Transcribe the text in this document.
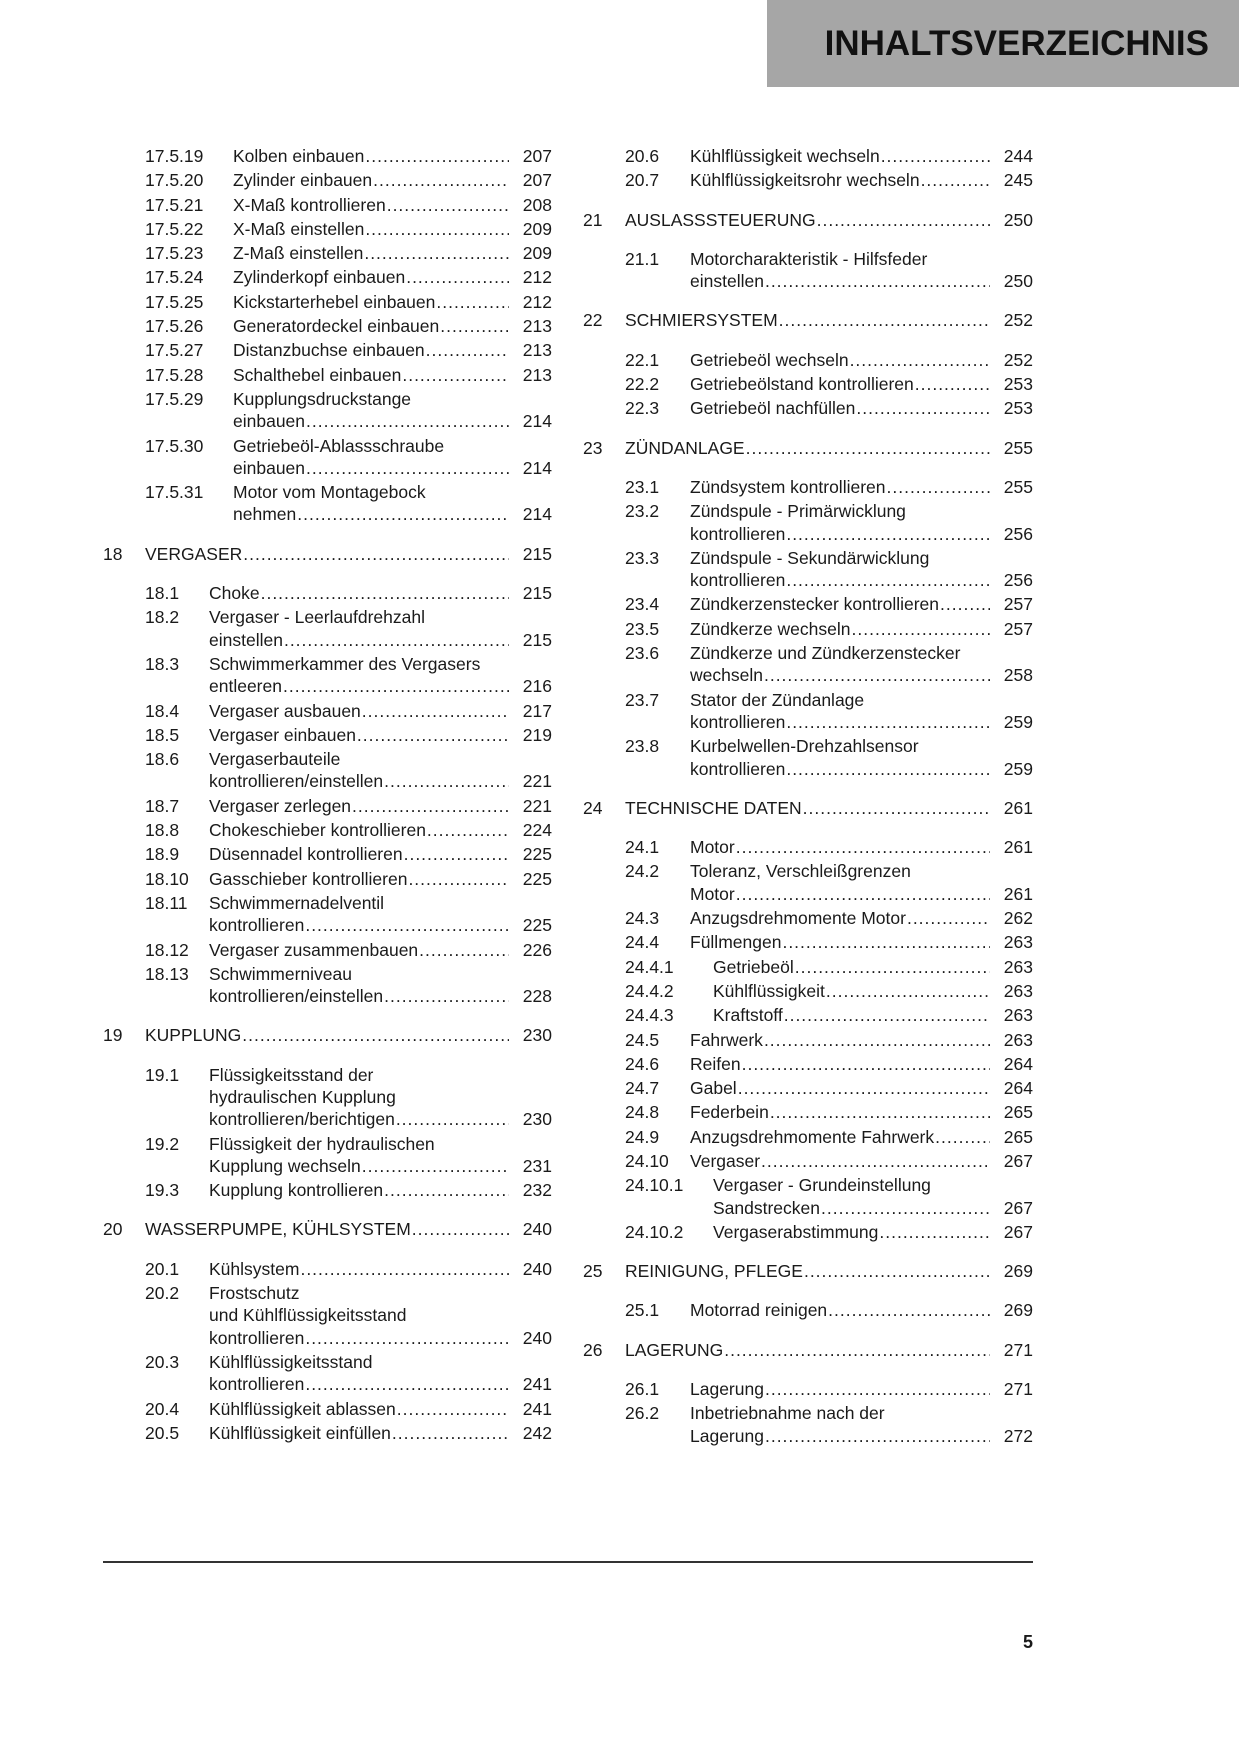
INHALTSVERZEICHNIS
17.5.19 Kolben einbauen .....	207
17.5.20 Zylinder einbauen .....	207
17.5.21 X-Maß kontrollieren .....	208
17.5.22 X-Maß einstellen .....	209
17.5.23 Z-Maß einstellen .....	209
17.5.24 Zylinderkopf einbauen .....	212
17.5.25 Kickstarterhebel einbauen .....	212
17.5.26 Generatordeckel einbauen .....	213
17.5.27 Distanzbuchse einbauen .....	213
17.5.28 Schalthebel einbauen .....	213
17.5.29 Kupplungsdruckstange
einbauen .....	214
17.5.30 Getriebeöl-Ablassschraube
einbauen .....	214
17.5.31 Motor vom Montagebock
nehmen .....	214
18 VERGASER .....	215
18.1 Choke .....	215
18.2 Vergaser - Leerlaufdrehzahl
einstellen .....	215
18.3 Schwimmerkammer des Vergasers
entleeren .....	216
18.4 Vergaser ausbauen .....	217
18.5 Vergaser einbauen .....	219
18.6 Vergaserbauteile
kontrollieren/einstellen .....	221
18.7 Vergaser zerlegen .....	221
18.8 Chokeschieber kontrollieren .....	224
18.9 Düsennadel kontrollieren .....	225
18.10 Gasschieber kontrollieren .....	225
18.11 Schwimmernadelventil
kontrollieren .....	225
18.12 Vergaser zusammenbauen .....	226
18.13 Schwimmerniveau
kontrollieren/einstellen .....	228
19 KUPPLUNG .....	230
19.1 Flüssigkeitsstand der
hydraulischen Kupplung
kontrollieren/berichtigen .....	230
19.2 Flüssigkeit der hydraulischen
Kupplung wechseln .....	231
19.3 Kupplung kontrollieren .....	232
20 WASSERPUMPE, KÜHLSYSTEM .....	240
20.1 Kühlsystem .....	240
20.2 Frostschutz
und Kühlflüssigkeitsstand
kontrollieren .....	240
20.3 Kühlflüssigkeitsstand
kontrollieren .....	241
20.4 Kühlflüssigkeit ablassen .....	241
20.5 Kühlflüssigkeit einfüllen .....	242
20.6 Kühlflüssigkeit wechseln .....	244
20.7 Kühlflüssigkeitsrohr wechseln .....	245
21 AUSLASSSTEUERUNG .....	250
21.1 Motorcharakteristik - Hilfsfeder
einstellen .....	250
22 SCHMIERSYSTEM .....	252
22.1 Getriebeöl wechseln .....	252
22.2 Getriebeölstand kontrollieren .....	253
22.3 Getriebeöl nachfüllen .....	253
23 ZÜNDANLAGE .....	255
23.1 Zündsystem kontrollieren .....	255
23.2 Zündspule - Primärwicklung
kontrollieren .....	256
23.3 Zündspule - Sekundärwicklung
kontrollieren .....	256
23.4 Zündkerzenstecker kontrollieren .....	257
23.5 Zündkerze wechseln .....	257
23.6 Zündkerze und Zündkerzenstecker
wechseln .....	258
23.7 Stator der Zündanlage
kontrollieren .....	259
23.8 Kurbelwellen-Drehzahlsensor
kontrollieren .....	259
24 TECHNISCHE DATEN .....	261
24.1 Motor .....	261
24.2 Toleranz, Verschleißgrenzen
Motor .....	261
24.3 Anzugsdrehmomente Motor .....	262
24.4 Füllmengen .....	263
24.4.1 Getriebeöl .....	263
24.4.2 Kühlflüssigkeit .....	263
24.4.3 Kraftstoff .....	263
24.5 Fahrwerk .....	263
24.6 Reifen .....	264
24.7 Gabel .....	264
24.8 Federbein .....	265
24.9 Anzugsdrehmomente Fahrwerk .....	265
24.10 Vergaser .....	267
24.10.1 Vergaser - Grundeinstellung
Sandstrecken .....	267
24.10.2 Vergaserabstimmung .....	267
25 REINIGUNG, PFLEGE .....	269
25.1 Motorrad reinigen .....	269
26 LAGERUNG .....	271
26.1 Lagerung .....	271
26.2 Inbetriebnahme nach der
Lagerung .....	272
5
